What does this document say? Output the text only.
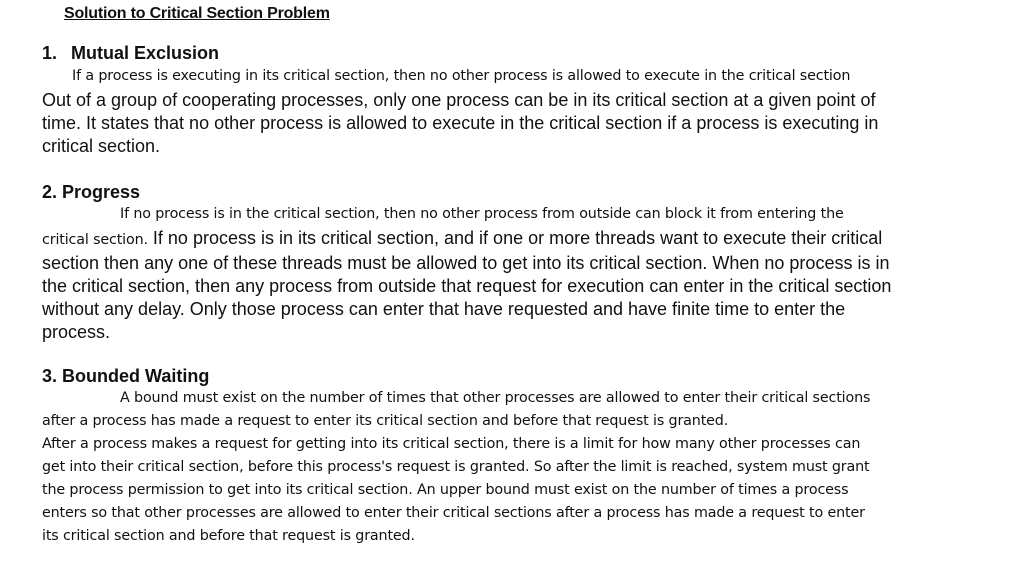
Solution to Critical Section Problem
1. Mutual Exclusion
If a process is executing in its critical section, then no other process is allowed to execute in the critical section
Out of a group of cooperating processes, only one process can be in its critical section at a given point of
time. It states that no other process is allowed to execute in the critical section if a process is executing in
critical section.
2. Progress
If no process is in the critical section, then no other process from outside can block it from entering the
critical section. If no process is in its critical section, and if one or more threads want to execute their critical
section then any one of these threads must be allowed to get into its critical section. When no process is in
the critical section, then any process from outside that request for execution can enter in the critical section
without any delay. Only those process can enter that have requested and have finite time to enter the
process.
3. Bounded Waiting
A bound must exist on the number of times that other processes are allowed to enter their critical sections
after a process has made a request to enter its critical section and before that request is granted.
After a process makes a request for getting into its critical section, there is a limit for how many other processes can
get into their critical section, before this process's request is granted. So after the limit is reached, system must grant
the process permission to get into its critical section. An upper bound must exist on the number of times a process
enters so that other processes are allowed to enter their critical sections after a process has made a request to enter
its critical section and before that request is granted.
